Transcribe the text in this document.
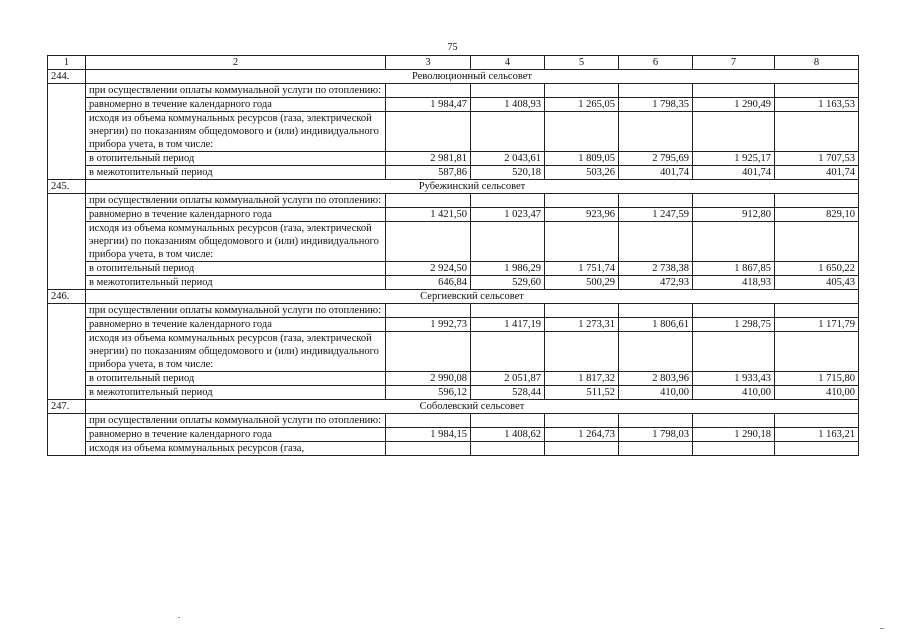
75
1	2	3	4	5	6	7	8
244.	Революционный сельсовет						
	при осуществлении оплаты коммунальной услуги по отоплению:						
	равномерно в течение календарного года	1 984,47	1 408,93	1 265,05	1 798,35	1 290,49	1 163,53
	исходя из объема коммунальных ресурсов (газа, электрической энергии) по показаниям общедомового и (или) индивидуального прибора учета, в том числе:						
	в отопительный период	2 981,81	2 043,61	1 809,05	2 795,69	1 925,17	1 707,53
	в межотопительный период	587,86	520,18	503,26	401,74	401,74	401,74
245.	Рубежинский сельсовет						
	при осуществлении оплаты коммунальной услуги по отоплению:						
	равномерно в течение календарного года	1 421,50	1 023,47	923,96	1 247,59	912,80	829,10
	исходя из объема коммунальных ресурсов (газа, электрической энергии) по показаниям общедомового и (или) индивидуального прибора учета, в том числе:						
	в отопительный период	2 924,50	1 986,29	1 751,74	2 738,38	1 867,85	1 650,22
	в межотопительный период	646,84	529,60	500,29	472,93	418,93	405,43
246.	Сергиевский сельсовет						
	при осуществлении оплаты коммунальной услуги по отоплению:						
	равномерно в течение календарного года	1 992,73	1 417,19	1 273,31	1 806,61	1 298,75	1 171,79
	исходя из объема коммунальных ресурсов (газа, электрической энергии) по показаниям общедомового и (или) индивидуального прибора учета, в том числе:						
	в отопительный период	2 990,08	2 051,87	1 817,32	2 803,96	1 933,43	1 715,80
	в межотопительный период	596,12	528,44	511,52	410,00	410,00	410,00
247.	Соболевский сельсовет						
	при осуществлении оплаты коммунальной услуги по отоплению:						
	равномерно в течение календарного года	1 984,15	1 408,62	1 264,73	1 798,03	1 290,18	1 163,21
	исходя из объема коммунальных ресурсов (газа,						
